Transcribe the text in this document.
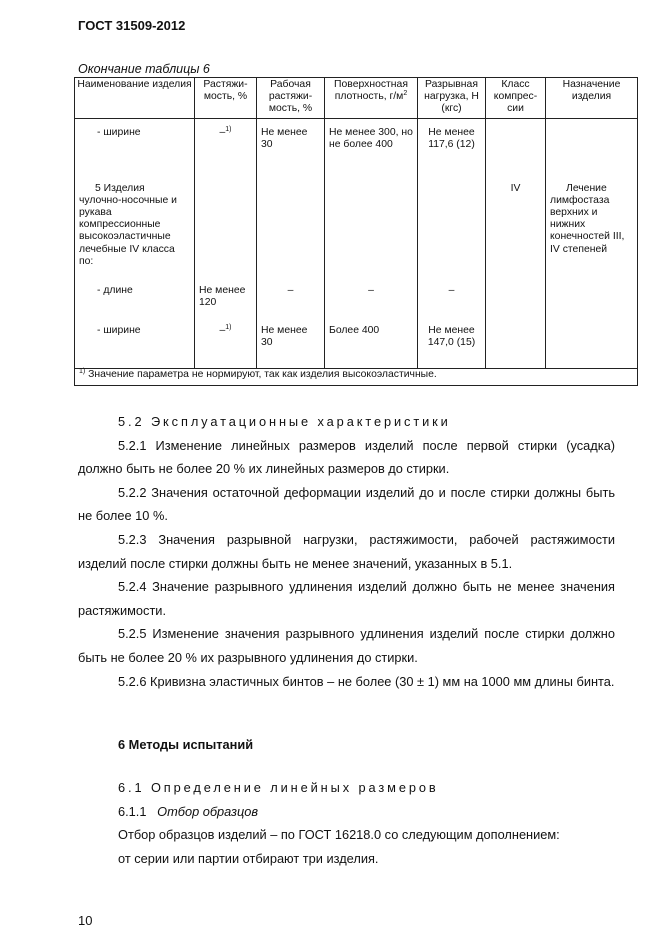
ГОСТ 31509-2012
Окончание таблицы 6
Наименование изделия	Растяжи-мость, %	Рабочая растяжи-мость, %	Поверхностная плотность, $г/м^2$	Разрывная нагрузка, Н (кгс)	Класс компрес-сии	Назначение изделия

- ширине	–$^{1)}$	Не менее 30	Не менее 300, но не более 400	Не менее 117,6 (12)		
5 Изделия чулочно-носочные и рукава компрессионные высокоэластичные лечебные IV класса по:					IV	Лечение лимфостаза верхних и нижних конечностей III, IV степеней
- длине	Не менее 120	–	–	–		
- ширине	–$^{1)}$	Не менее 30	Более 400	Не менее 147,0 (15)		
$^{1)}$ Значение параметра не нормируют, так как изделия высокоэластичные.						

5.2 Эксплуатационные характеристики

5.2.1 Изменение линейных размеров изделий после первой стирки (усадка) должно быть не более 20 % их линейных размеров до стирки.

5.2.2 Значения остаточной деформации изделий до и после стирки должны быть не более 10 %.

5.2.3 Значения разрывной нагрузки, растяжимости, рабочей растяжимости изделий после стирки должны быть не менее значений, указанных в 5.1.

5.2.4 Значение разрывного удлинения изделий должно быть не менее значения растяжимости.

5.2.5 Изменение значения разрывного удлинения изделий после стирки должно быть не более 20 % их разрывного удлинения до стирки.

5.2.6 Кривизна эластичных бинтов – не более (30 ± 1) мм на 1000 мм длины бинта.

6 Методы испытаний

6.1 Определение линейных размеров

6.1.1 Отбор образцов

Отбор образцов изделий – по ГОСТ 16218.0 со следующим дополнением:

от серии или партии отбирают три изделия.

10
